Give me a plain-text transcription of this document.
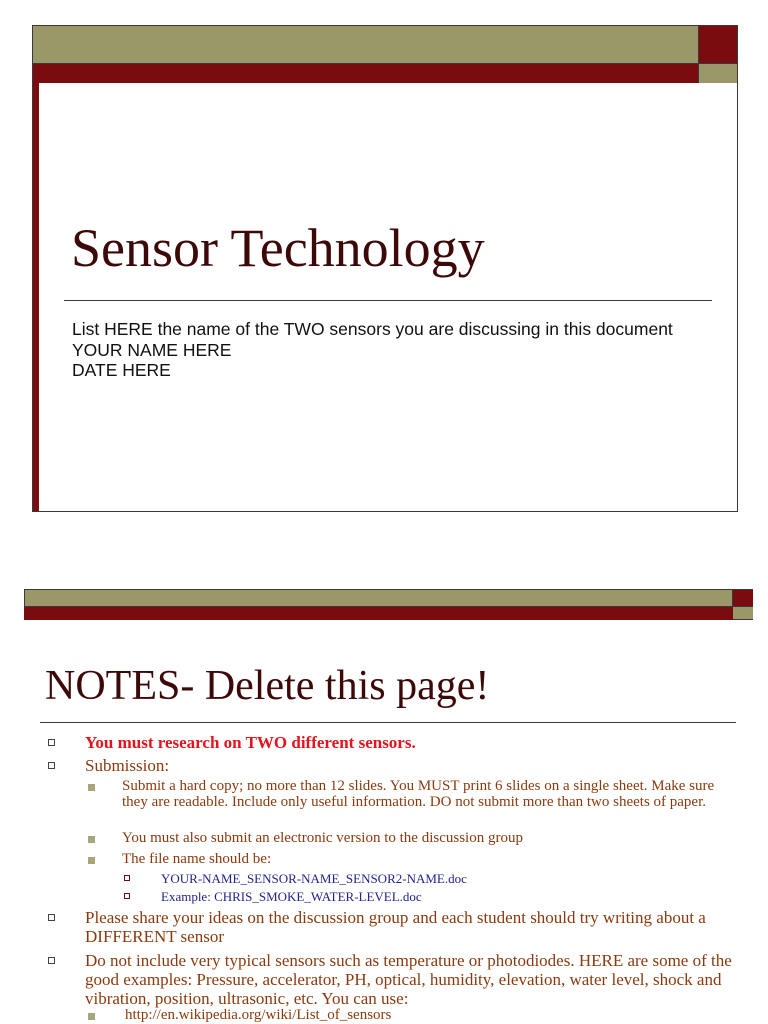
Sensor Technology
List HERE the name of the TWO sensors you are discussing in this document
YOUR NAME HERE
DATE HERE
NOTES- Delete this page!
You must research on TWO different sensors.
Submission:
Submit a hard copy; no more than 12 slides. You MUST print 6 slides on a single sheet. Make sure they are readable. Include only useful information. DO not submit more than two sheets of paper.
You must also submit an electronic version to the discussion group
The file name should be:
YOUR-NAME_SENSOR-NAME_SENSOR2-NAME.doc
Example: CHRIS_SMOKE_WATER-LEVEL.doc
Please share your ideas on the discussion group and each student should try writing about a DIFFERENT sensor
Do not include very typical sensors such as temperature or photodiodes. HERE are some of the good examples: Pressure, accelerator, PH, optical, humidity, elevation, water level, shock and vibration, position, ultrasonic, etc. You can use:
http://en.wikipedia.org/wiki/List_of_sensors
